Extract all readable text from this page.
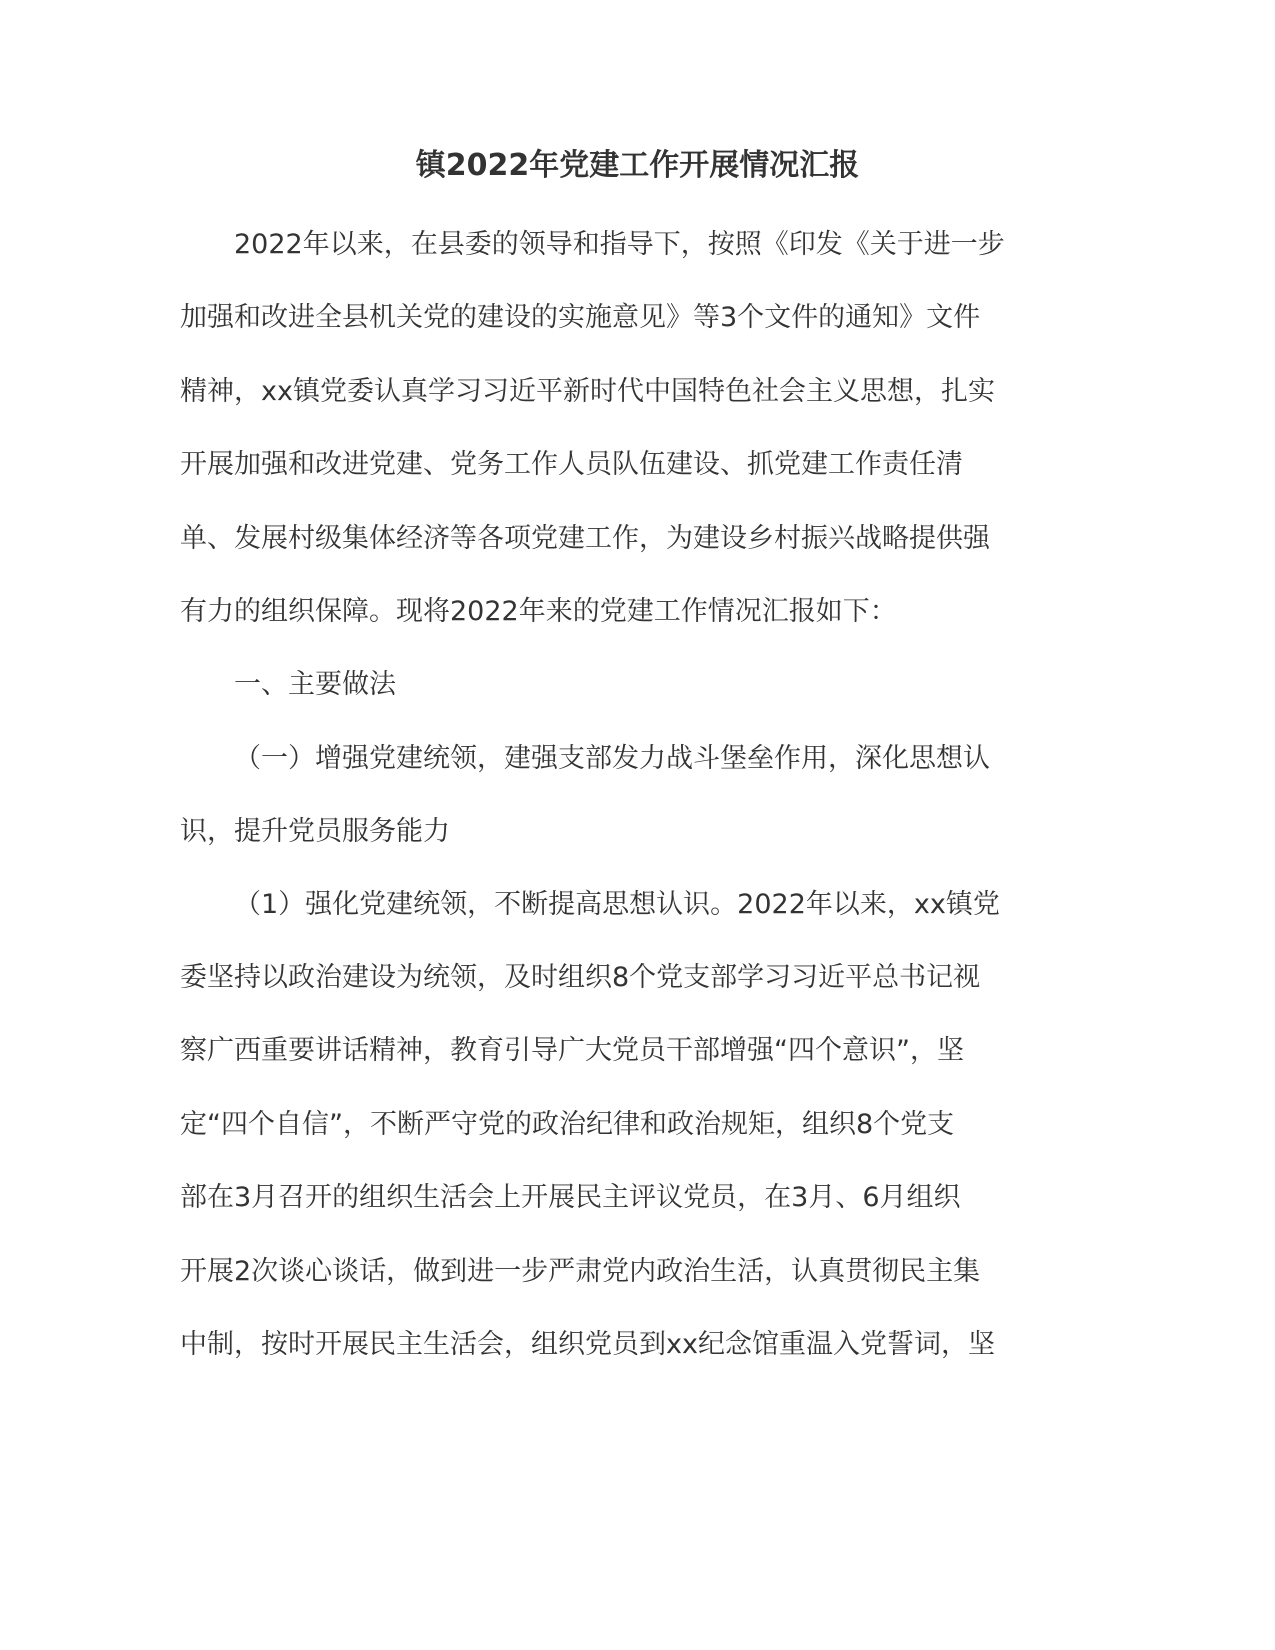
镇2022年党建工作开展情况汇报
2022年以来，在县委的领导和指导下，按照《印发《关于进一步
加强和改进全县机关党的建设的实施意见》等3个文件的通知》文件
精神，xx镇党委认真学习习近平新时代中国特色社会主义思想，扎实
开展加强和改进党建、党务工作人员队伍建设、抓党建工作责任清
单、发展村级集体经济等各项党建工作，为建设乡村振兴战略提供强
有力的组织保障。现将2022年来的党建工作情况汇报如下：
一、主要做法
（一）增强党建统领，建强支部发力战斗堡垒作用，深化思想认
识，提升党员服务能力
（1）强化党建统领，不断提高思想认识。2022年以来，xx镇党
委坚持以政治建设为统领，及时组织8个党支部学习习近平总书记视
察广西重要讲话精神，教育引导广大党员干部增强“四个意识”，坚
定“四个自信”，不断严守党的政治纪律和政治规矩，组织8个党支
部在3月召开的组织生活会上开展民主评议党员，在3月、6月组织
开展2次谈心谈话，做到进一步严肃党内政治生活，认真贯彻民主集
中制，按时开展民主生活会，组织党员到xx纪念馆重温入党誓词，坚
